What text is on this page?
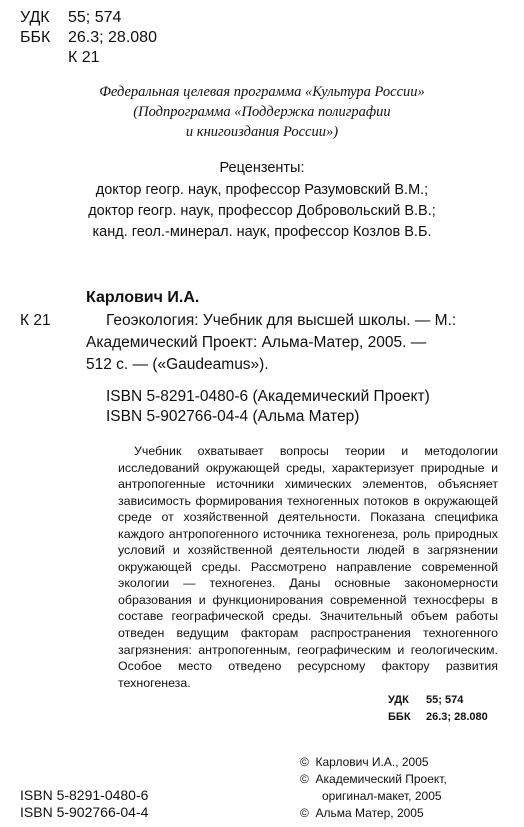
УДК 55; 574
ББК 26.3; 28.080
К 21
Федеральная целевая программа «Культура России»
(Подпрограмма «Поддержка полиграфии
и книгоиздания России»)
Рецензенты:
доктор геогр. наук, профессор Разумовский В.М.;
доктор геогр. наук, профессор Добровольский В.В.;
канд. геол.-минерал. наук, профессор Козлов В.Б.
Карлович И.А.
К 21	Геоэкология: Учебник для высшей школы. — М.:
Академический Проект: Альма-Матер, 2005. —
512 с. — («Gaudeamus»).
ISBN 5-8291-0480-6 (Академический Проект)
ISBN 5-902766-04-4 (Альма Матер)

Учебник охватывает вопросы теории и методологии исследований окружающей среды, характеризует природные и антропогенные источники химических элементов, объясняет зависимость формирования техногенных потоков в окружающей среде от хозяйственной деятельности. Показана специфика каждого антропогенного источника техногенеза, роль природных условий и хозяйственной деятельности людей в загрязнении окружающей среды. Рассмотрено направление современной экологии — техногенез. Даны основные закономерности образования и функционирования современной техносферы в составе географической среды. Значительный объем работы отведен ведущим факторам распространения техногенного загрязнения: антропогенным, географическим и геологическим. Особое место отведено ресурсному фактору развития техногенеза.

УДК 55; 574
ББК 26.3; 28.080
© Карлович И.А., 2005
© Академический Проект,
оригинал-макет, 2005
© Альма Матер, 2005
ISBN 5-8291-0480-6
ISBN 5-902766-04-4
